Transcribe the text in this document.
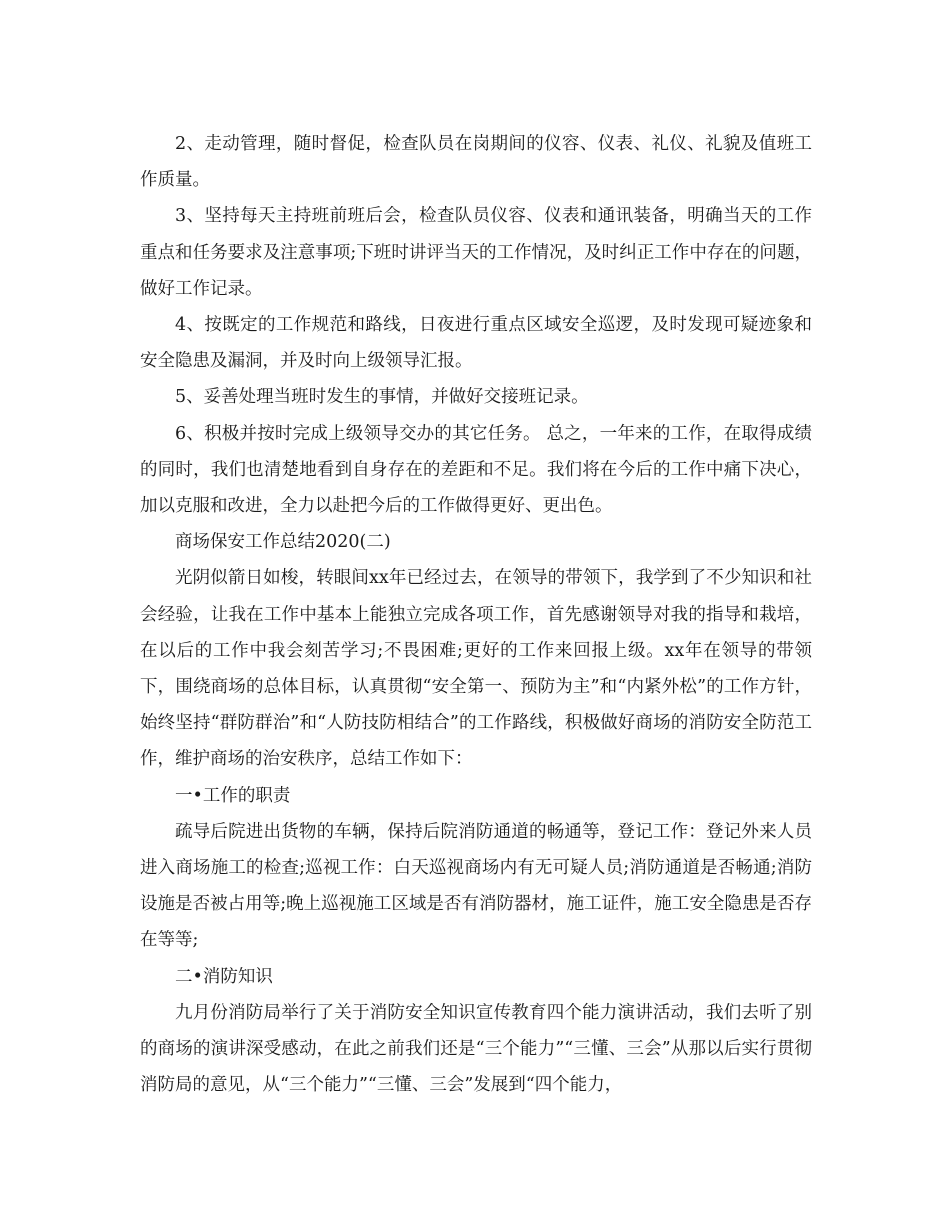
2、走动管理，随时督促，检查队员在岗期间的仪容、仪表、礼仪、礼貌及值班工作质量。

3、坚持每天主持班前班后会，检查队员仪容、仪表和通讯装备，明确当天的工作重点和任务要求及注意事项;下班时讲评当天的工作情况，及时纠正工作中存在的问题，做好工作记录。

4、按既定的工作规范和路线，日夜进行重点区域安全巡逻，及时发现可疑迹象和安全隐患及漏洞，并及时向上级领导汇报。

5、妥善处理当班时发生的事情，并做好交接班记录。

6、积极并按时完成上级领导交办的其它任务。 总之，一年来的工作，在取得成绩的同时，我们也清楚地看到自身存在的差距和不足。我们将在今后的工作中痛下决心，加以克服和改进，全力以赴把今后的工作做得更好、更出色。

商场保安工作总结2020(二)

光阴似箭日如梭，转眼间xx年已经过去，在领导的带领下，我学到了不少知识和社会经验，让我在工作中基本上能独立完成各项工作，首先感谢领导对我的指导和栽培，在以后的工作中我会刻苦学习;不畏困难;更好的工作来回报上级。xx年在领导的带领下，围绕商场的总体目标，认真贯彻“安全第一、预防为主”和“内紧外松”的工作方针，始终坚持“群防群治”和“人防技防相结合”的工作路线，积极做好商场的消防安全防范工作，维护商场的治安秩序，总结工作如下：

一•工作的职责

疏导后院进出货物的车辆，保持后院消防通道的畅通等，登记工作：登记外来人员进入商场施工的检查;巡视工作：白天巡视商场内有无可疑人员;消防通道是否畅通;消防设施是否被占用等;晚上巡视施工区域是否有消防器材，施工证件，施工安全隐患是否存在等等;

二•消防知识

九月份消防局举行了关于消防安全知识宣传教育四个能力演讲活动，我们去听了别的商场的演讲深受感动，在此之前我们还是“三个能力”“三懂、三会”从那以后实行贯彻消防局的意见，从“三个能力”“三懂、三会”发展到“四个能力，
